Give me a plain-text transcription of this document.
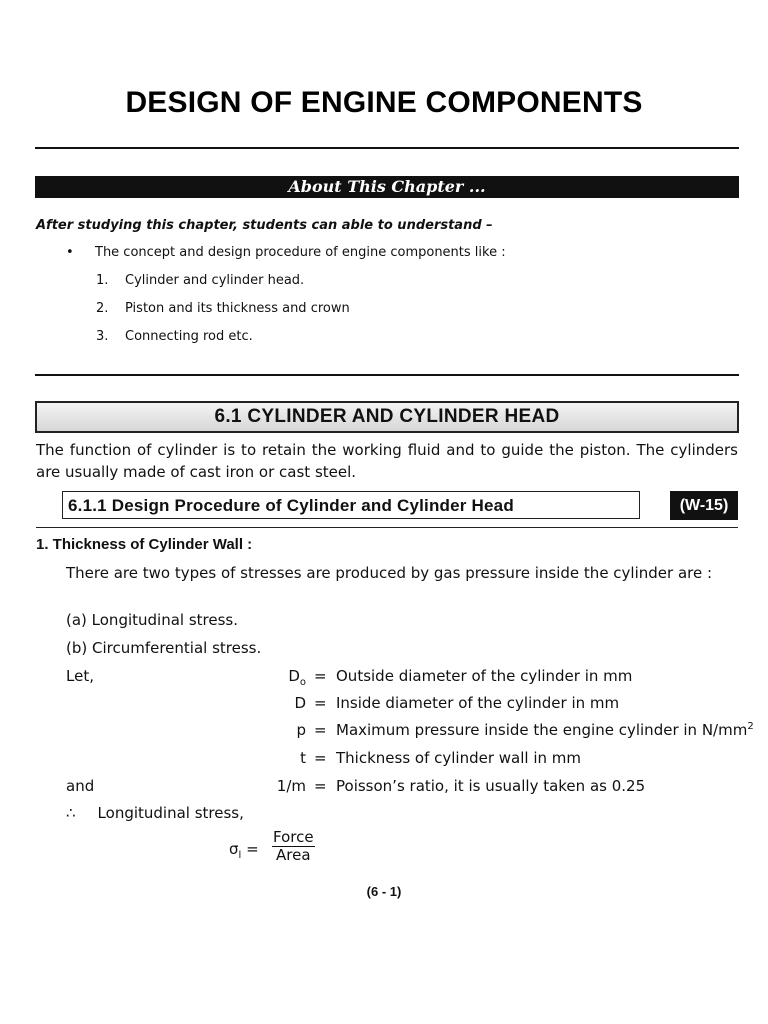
DESIGN OF ENGINE COMPONENTS
About This Chapter ...
After studying this chapter, students can able to understand –
• The concept and design procedure of engine components like :
1. Cylinder and cylinder head.
2. Piston and its thickness and crown
3. Connecting rod etc.
6.1 CYLINDER AND CYLINDER HEAD
The function of cylinder is to retain the working fluid and to guide the piston. The cylinders are usually made of cast iron or cast steel.
6.1.1 Design Procedure of Cylinder and Cylinder Head	(W-15)
1. Thickness of Cylinder Wall :
There are two types of stresses are produced by gas pressure inside the cylinder are :
(a) Longitudinal stress.
(b) Circumferential stress.
Let,	$D_o$ = Outside diameter of the cylinder in mm
D = Inside diameter of the cylinder in mm
p = Maximum pressure inside the engine cylinder in $N/mm^2$
t = Thickness of cylinder wall in mm
and	1/m = Poisson’s ratio, it is usually taken as 0.25
∴ Longitudinal stress,
$\sigma_l$ =
Force
Area
(6 - 1)
